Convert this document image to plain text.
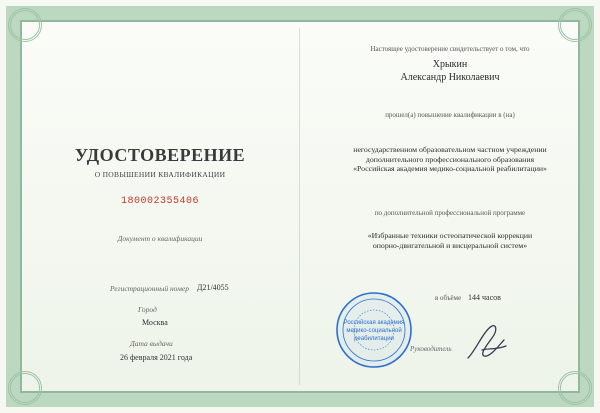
УДОСТОВЕРЕНИЕ
О ПОВЫШЕНИИ КВАЛИФИКАЦИИ
180002355406
Документ о квалификации
Регистрационный номер Д21/4055
Город
Москва
Дата выдачи
26 февраля 2021 года
Настоящее удостоверение свидетельствует о том, что
Хрыкин
Александр Николаевич
прошел(а) повышение квалификации в (на)
негосударственном образовательном частном учреждении
дополнительного профессионального образования
«Российская академия медико-социальной реабилитации»
по дополнительной профессиональной программе
«Избранные техники остеопатической коррекции
опорно-двигательной и висцеральной систем»
в объёме 144 часов
Руководитель
Российская академия
медико-социальной
реабилитации
